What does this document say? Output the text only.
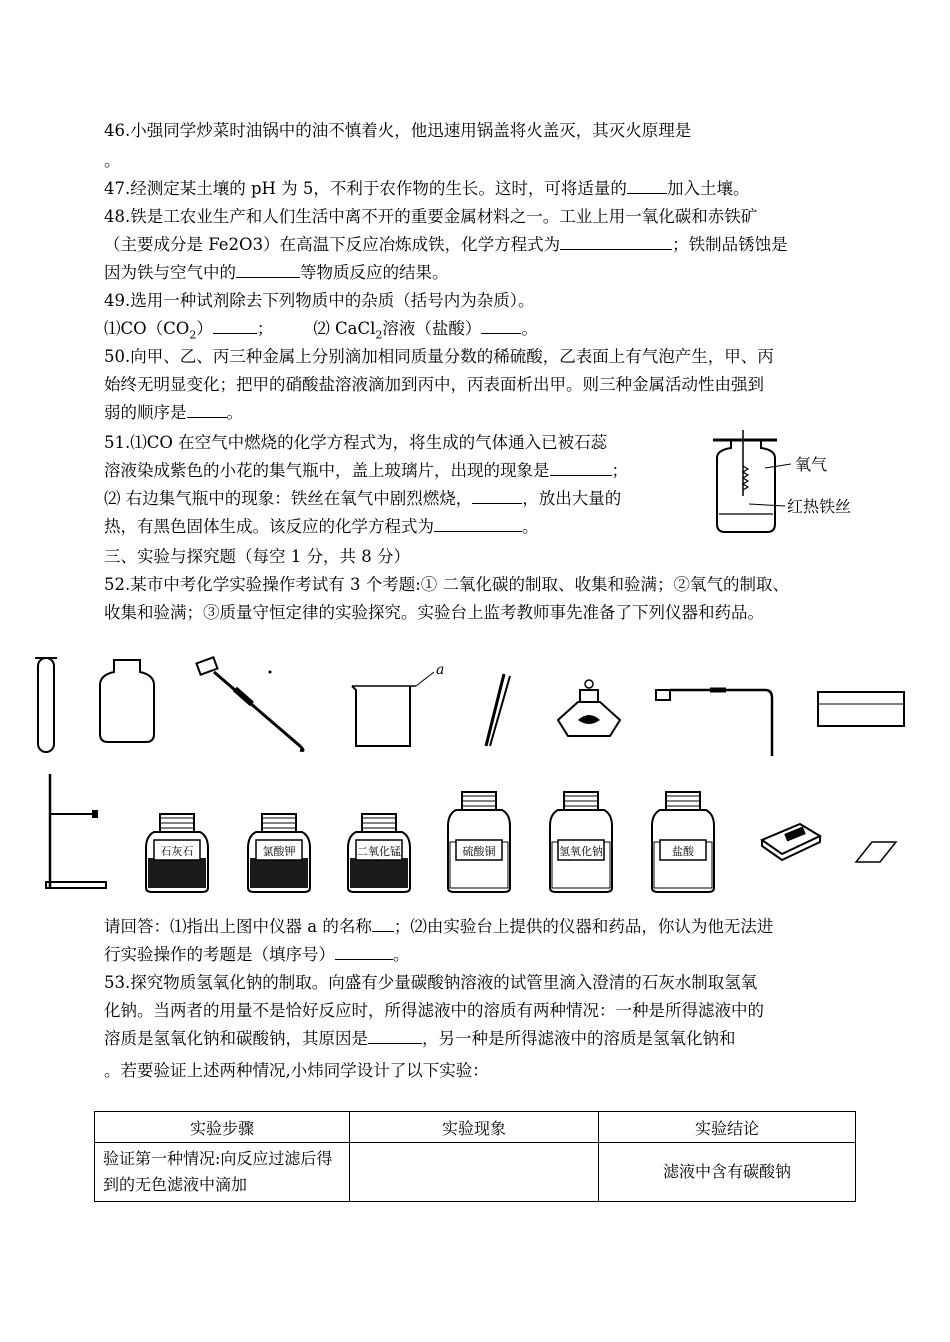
46.小强同学炒菜时油锅中的油不慎着火，他迅速用锅盖将火盖灭，其灭火原理是
。
47.经测定某土壤的 pH 为 5，不利于农作物的生长。这时，可将适量的 加入土壤。
48.铁是工农业生产和人们生活中离不开的重要金属材料之一。工业上用一氧化碳和赤铁矿
（主要成分是 Fe2O3）在高温下反应冶炼成铁，化学方程式为	；铁制品锈蚀是
因为铁与空气中的	等物质反应的结果。
49.选用一种试剂除去下列物质中的杂质（括号内为杂质）。
$⑴CO(CO_2)$	； ⑵ CaCl$_2$溶液（盐酸） 。
50.向甲、乙、丙三种金属上分别滴加相同质量分数的稀硫酸，乙表面上有气泡产生，甲、丙
始终无明显变化；把甲的硝酸盐溶液滴加到丙中，丙表面析出甲。则三种金属活动性由强到
弱的顺序是 。
51.⑴CO 在空气中燃烧的化学方程式为，将生成的气体通入已被石蕊
溶液染成紫色的小花的集气瓶中，盖上玻璃片，出现的现象是	；
⑵ 右边集气瓶中的现象：铁丝在氧气中剧烈燃烧，	，放出大量的
热，有黑色固体生成。该反应的化学方程式为	。
氧气
红热铁丝
三、实验与探究题（每空 1 分，共 8 分）
52.某市中考化学实验操作考试有 3 个考题:① 二氧化碳的制取、收集和验满；②氧气的制取、
收集和验满；③质量守恒定律的实验探究。实验台上监考教师事先准备了下列仪器和药品。
a
石灰石	氯酸钾	二氧化锰	硫酸铜	氢氧化钠	盐酸
请回答：⑴指出上图中仪器 a 的名称 ；⑵由实验台上提供的仪器和药品，你认为他无法进
行实验操作的考题是（填序号）	。
53.探究物质氢氧化钠的制取。向盛有少量碳酸钠溶液的试管里滴入澄清的石灰水制取氢氧
化钠。当两者的用量不是恰好反应时，所得滤液中的溶质有两种情况：一种是所得滤液中的
溶质是氢氧化钠和碳酸钠，其原因是	，另一种是所得滤液中的溶质是氢氧化钠和
。若要验证上述两种情况,小炜同学设计了以下实验：
实验步骤	实验现象	实验结论
验证第一种情况:向反应过滤后得到的无色滤液中滴加		滤液中含有碳酸钠
